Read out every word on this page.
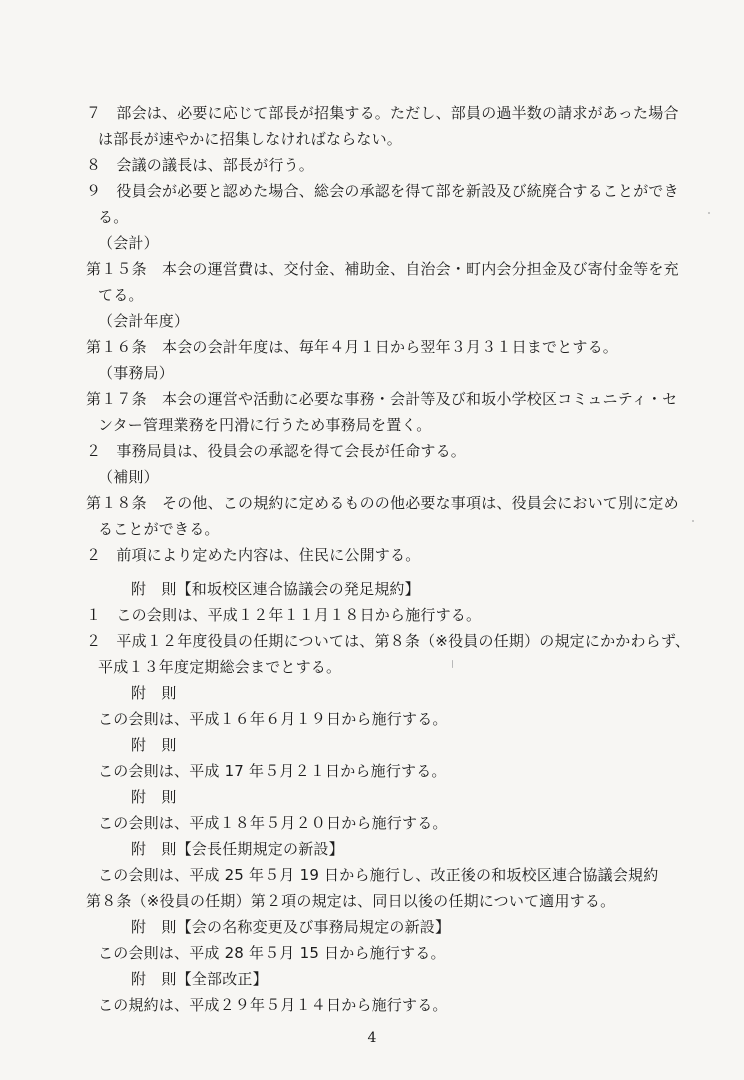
７　部会は、必要に応じて部長が招集する。ただし、部員の過半数の請求があった場合
は部長が速やかに招集しなければならない。
８　会議の議長は、部長が行う。
９　役員会が必要と認めた場合、総会の承認を得て部を新設及び統廃合することができ
る。
（会計）
第１５条　本会の運営費は、交付金、補助金、自治会・町内会分担金及び寄付金等を充
てる。
（会計年度）
第１６条　本会の会計年度は、毎年４月１日から翌年３月３１日までとする。
（事務局）
第１７条　本会の運営や活動に必要な事務・会計等及び和坂小学校区コミュニティ・セ
ンター管理業務を円滑に行うため事務局を置く。
２　事務局員は、役員会の承認を得て会長が任命する。
（補則）
第１８条　その他、この規約に定めるものの他必要な事項は、役員会において別に定め
ることができる。
２　前項により定めた内容は、住民に公開する。
附　則【和坂校区連合協議会の発足規約】
１　この会則は、平成１２年１１月１８日から施行する。
２　平成１２年度役員の任期については、第８条（※役員の任期）の規定にかかわらず、
平成１３年度定期総会までとする。
附　則
この会則は、平成１６年６月１９日から施行する。
附　則
この会則は、平成 17 年５月２１日から施行する。
附　則
この会則は、平成１８年５月２０日から施行する。
附　則【会長任期規定の新設】
この会則は、平成 25 年５月 19 日から施行し、改正後の和坂校区連合協議会規約
第８条（※役員の任期）第２項の規定は、同日以後の任期について適用する。
附　則【会の名称変更及び事務局規定の新設】
この会則は、平成 28 年５月 15 日から施行する。
附　則【全部改正】
この規約は、平成２９年５月１４日から施行する。
4
